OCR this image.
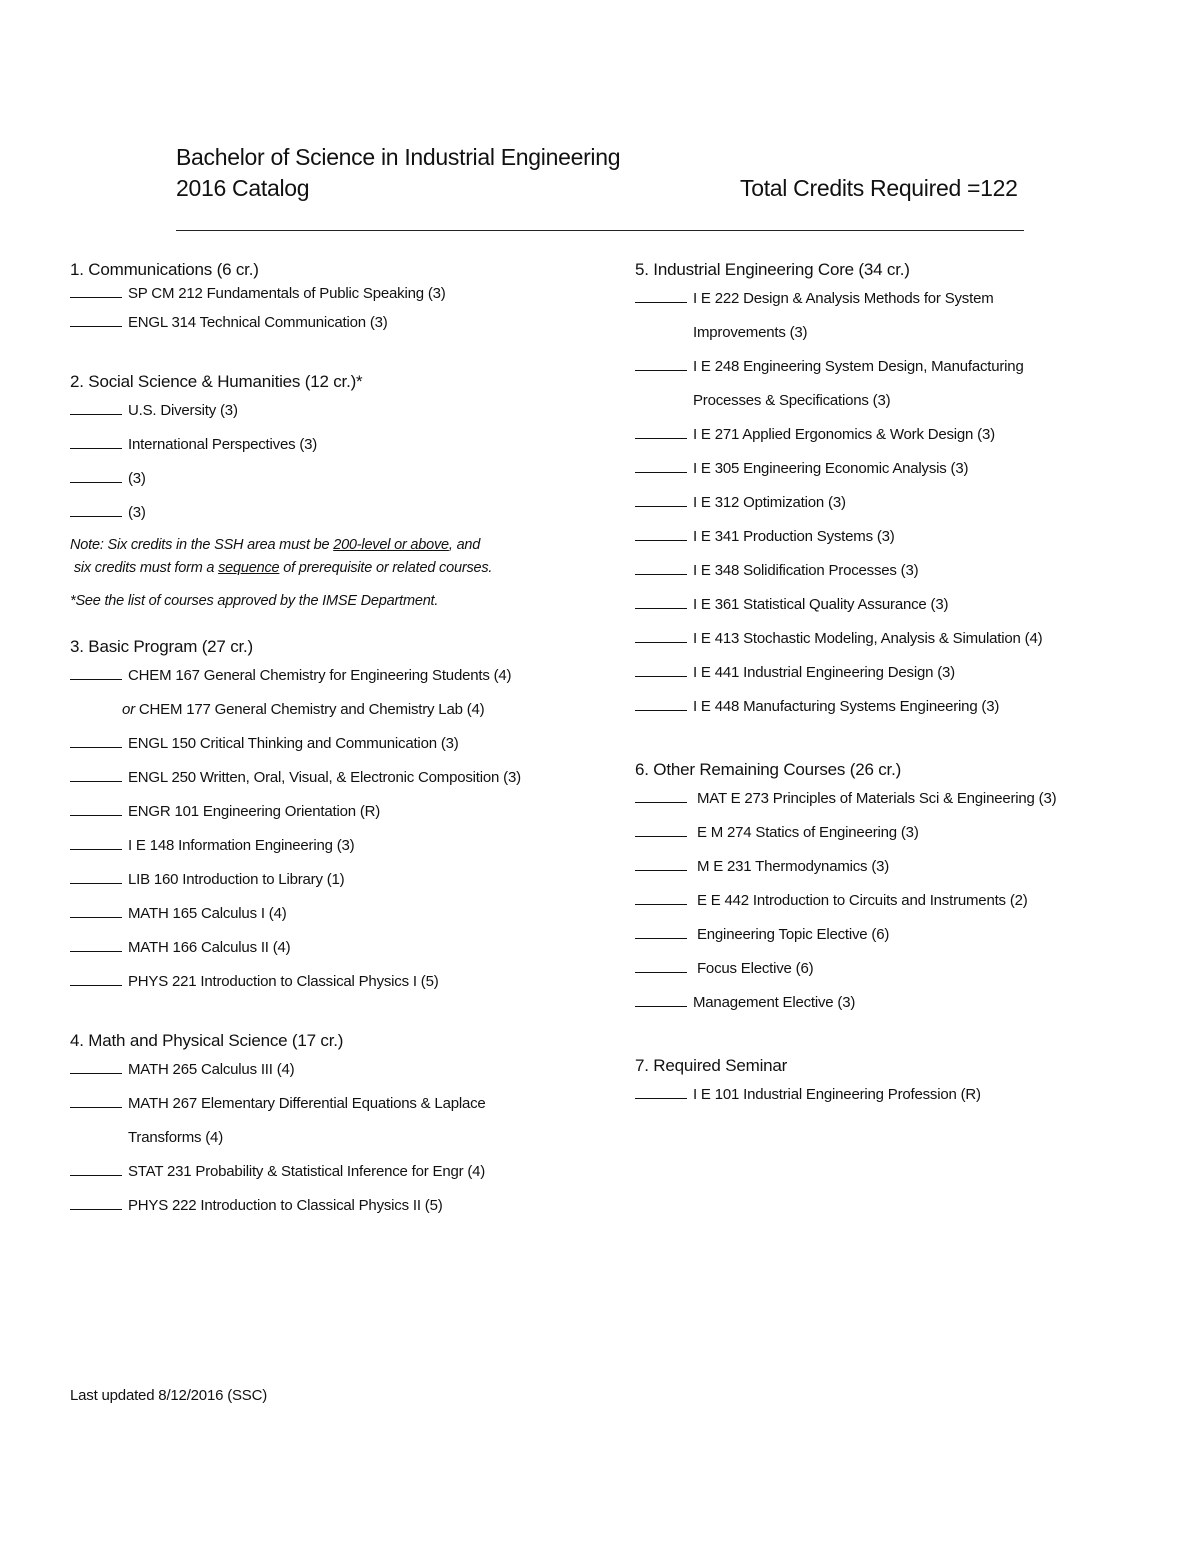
Bachelor of Science in Industrial Engineering
2016 Catalog	Total Credits Required =122
1. Communications (6 cr.)
SP CM 212 Fundamentals of Public Speaking (3)
ENGL 314 Technical Communication (3)
2. Social Science & Humanities (12 cr.)*
U.S. Diversity (3)
International Perspectives (3)
(3)
(3)
Note: Six credits in the SSH area must be 200-level or above, and
six credits must form a sequence of prerequisite or related courses.
*See the list of courses approved by the IMSE Department.
3. Basic Program (27 cr.)
CHEM 167 General Chemistry for Engineering Students (4)
or CHEM 177 General Chemistry and Chemistry Lab (4)
ENGL 150 Critical Thinking and Communication (3)
ENGL 250 Written, Oral, Visual, & Electronic Composition (3)
ENGR 101 Engineering Orientation (R)
I E 148 Information Engineering (3)
LIB 160 Introduction to Library (1)
MATH 165 Calculus I (4)
MATH 166 Calculus II (4)
PHYS 221 Introduction to Classical Physics I (5)
4. Math and Physical Science (17 cr.)
MATH 265 Calculus III (4)
MATH 267 Elementary Differential Equations & Laplace
Transforms (4)
STAT 231 Probability & Statistical Inference for Engr (4)
PHYS 222 Introduction to Classical Physics II (5)
5. Industrial Engineering Core (34 cr.)
I E 222 Design & Analysis Methods for System
Improvements (3)
I E 248 Engineering System Design, Manufacturing
Processes & Specifications (3)
I E 271 Applied Ergonomics & Work Design (3)
I E 305 Engineering Economic Analysis (3)
I E 312 Optimization (3)
I E 341 Production Systems (3)
I E 348 Solidification Processes (3)
I E 361 Statistical Quality Assurance (3)
I E 413 Stochastic Modeling, Analysis & Simulation (4)
I E 441 Industrial Engineering Design (3)
I E 448 Manufacturing Systems Engineering (3)
6. Other Remaining Courses (26 cr.)
MAT E 273 Principles of Materials Sci & Engineering (3)
E M 274 Statics of Engineering (3)
M E 231 Thermodynamics (3)
E E 442 Introduction to Circuits and Instruments (2)
Engineering Topic Elective (6)
Focus Elective (6)
Management Elective (3)
7. Required Seminar
I E 101 Industrial Engineering Profession (R)
Last updated 8/12/2016 (SSC)
